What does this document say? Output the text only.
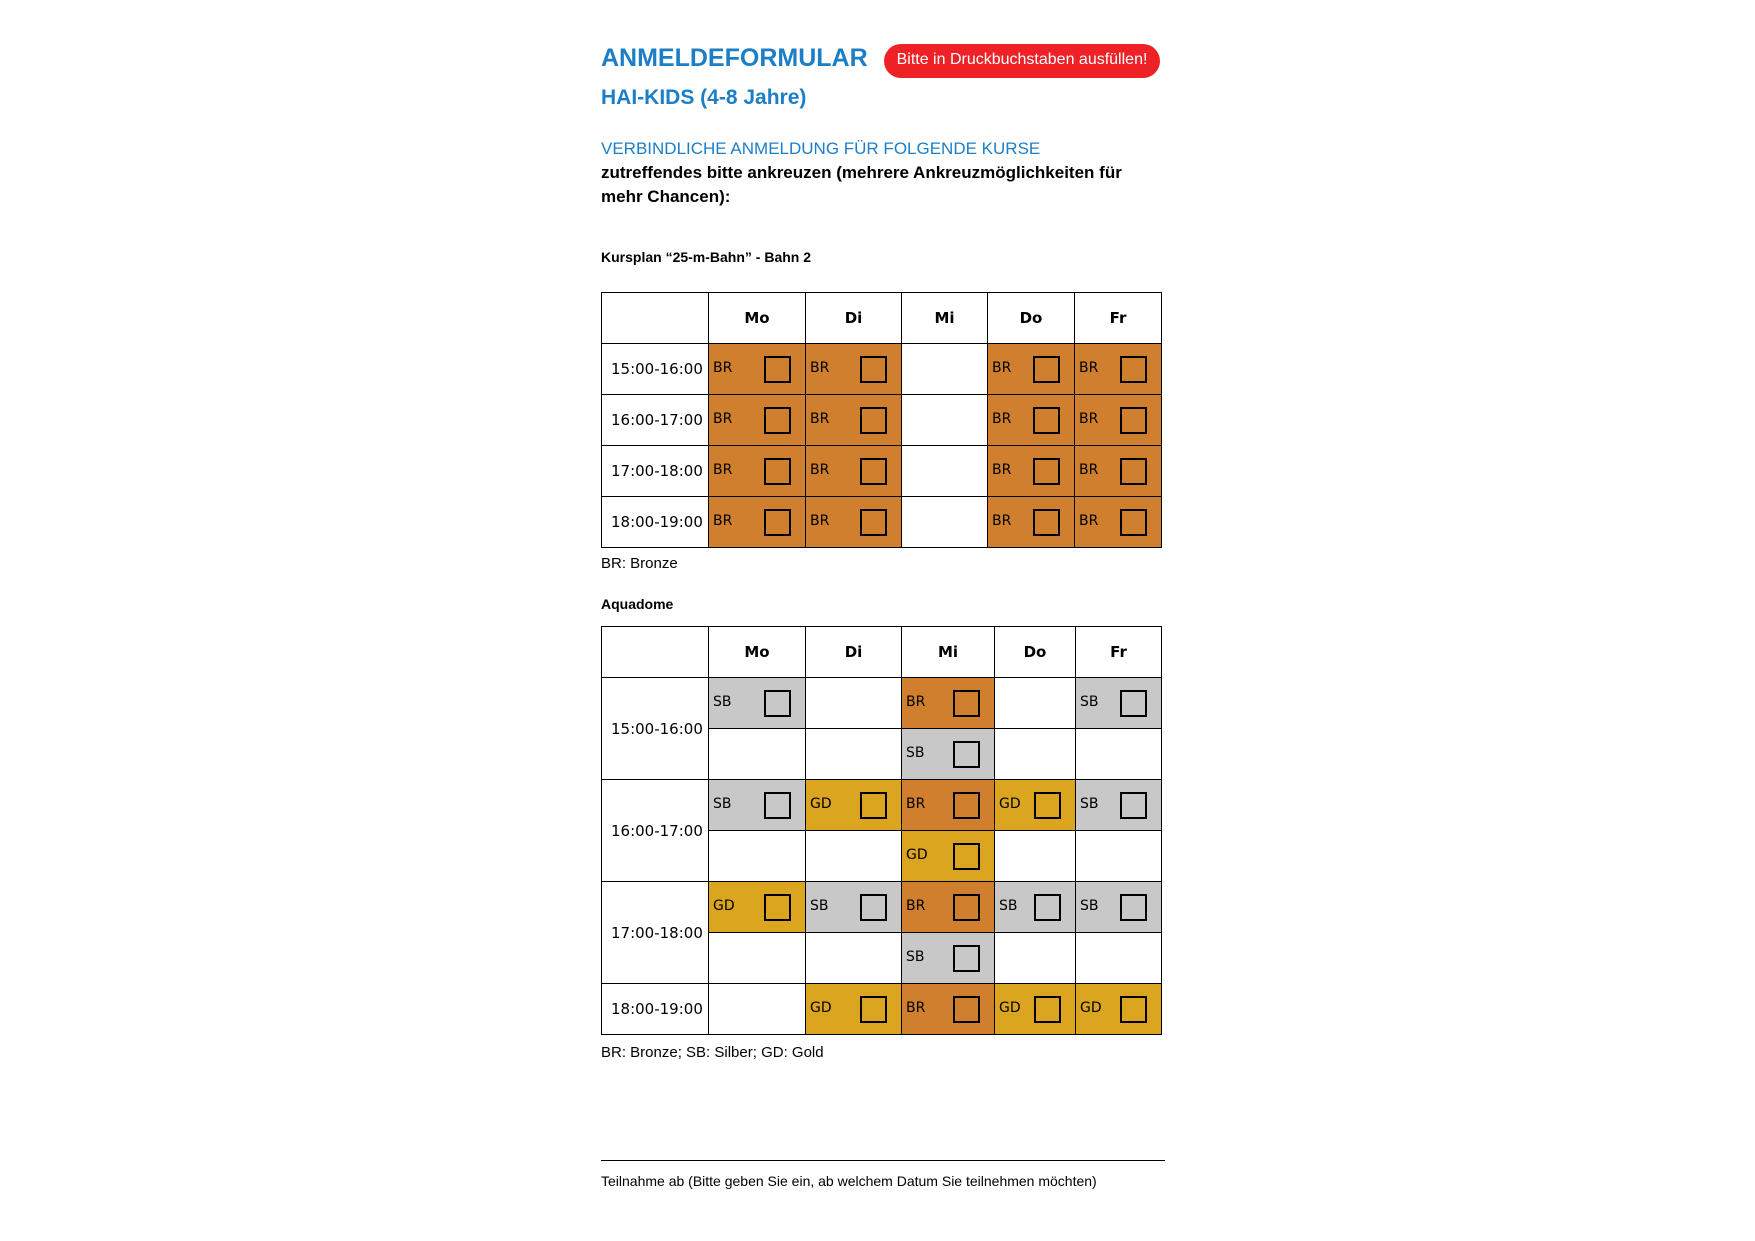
ANMELDEFORMULAR	Bitte in Druckbuchstaben ausfüllen!
HAI-KIDS (4-8 Jahre)
VERBINDLICHE ANMELDUNG FÜR FOLGENDE KURSE
zutreffendes bitte ankreuzen (mehrere Ankreuzmöglichkeiten für mehr Chancen):
Kursplan “25-m-Bahn” - Bahn 2
	Mo	Di	Mi	Do	Fr
15:00-16:00	BR	BR		BR	BR

16:00-17:00	BR	BR		BR	BR

17:00-18:00	BR	BR		BR	BR

18:00-19:00	BR	BR		BR	BR
BR: Bronze
Aquadome
	Mo	Di	Mi	Do	Fr
15:00-16:00	SB		BR		SB

			SB		

16:00-17:00	SB	GD	BR	GD	SB

			GD		

17:00-18:00	GD	SB	BR	SB	SB

			SB		

18:00-19:00		GD	BR	GD	GD
BR: Bronze; SB: Silber; GD: Gold
Teilnahme ab (Bitte geben Sie ein, ab welchem Datum Sie teilnehmen möchten)
